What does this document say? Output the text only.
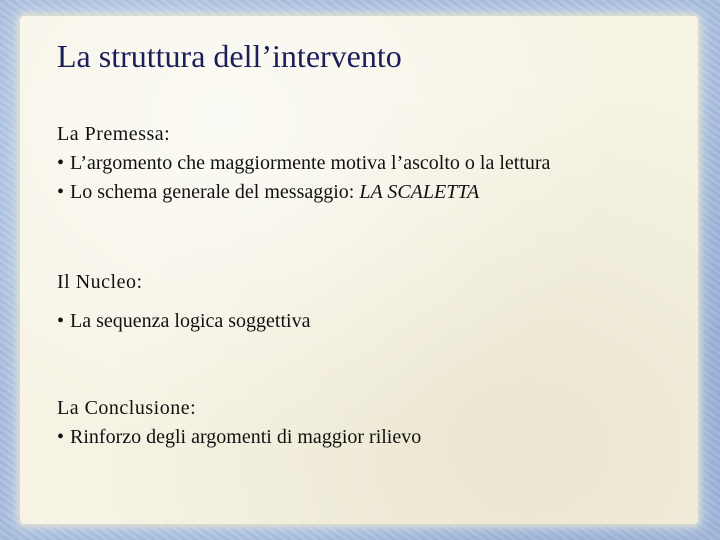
La struttura dell’intervento
La Premessa:
• L’argomento che maggiormente motiva l’ascolto o la lettura
• Lo schema generale del messaggio: LA SCALETTA
Il Nucleo:
• La sequenza logica soggettiva
La Conclusione:
• Rinforzo degli argomenti di maggior rilievo
